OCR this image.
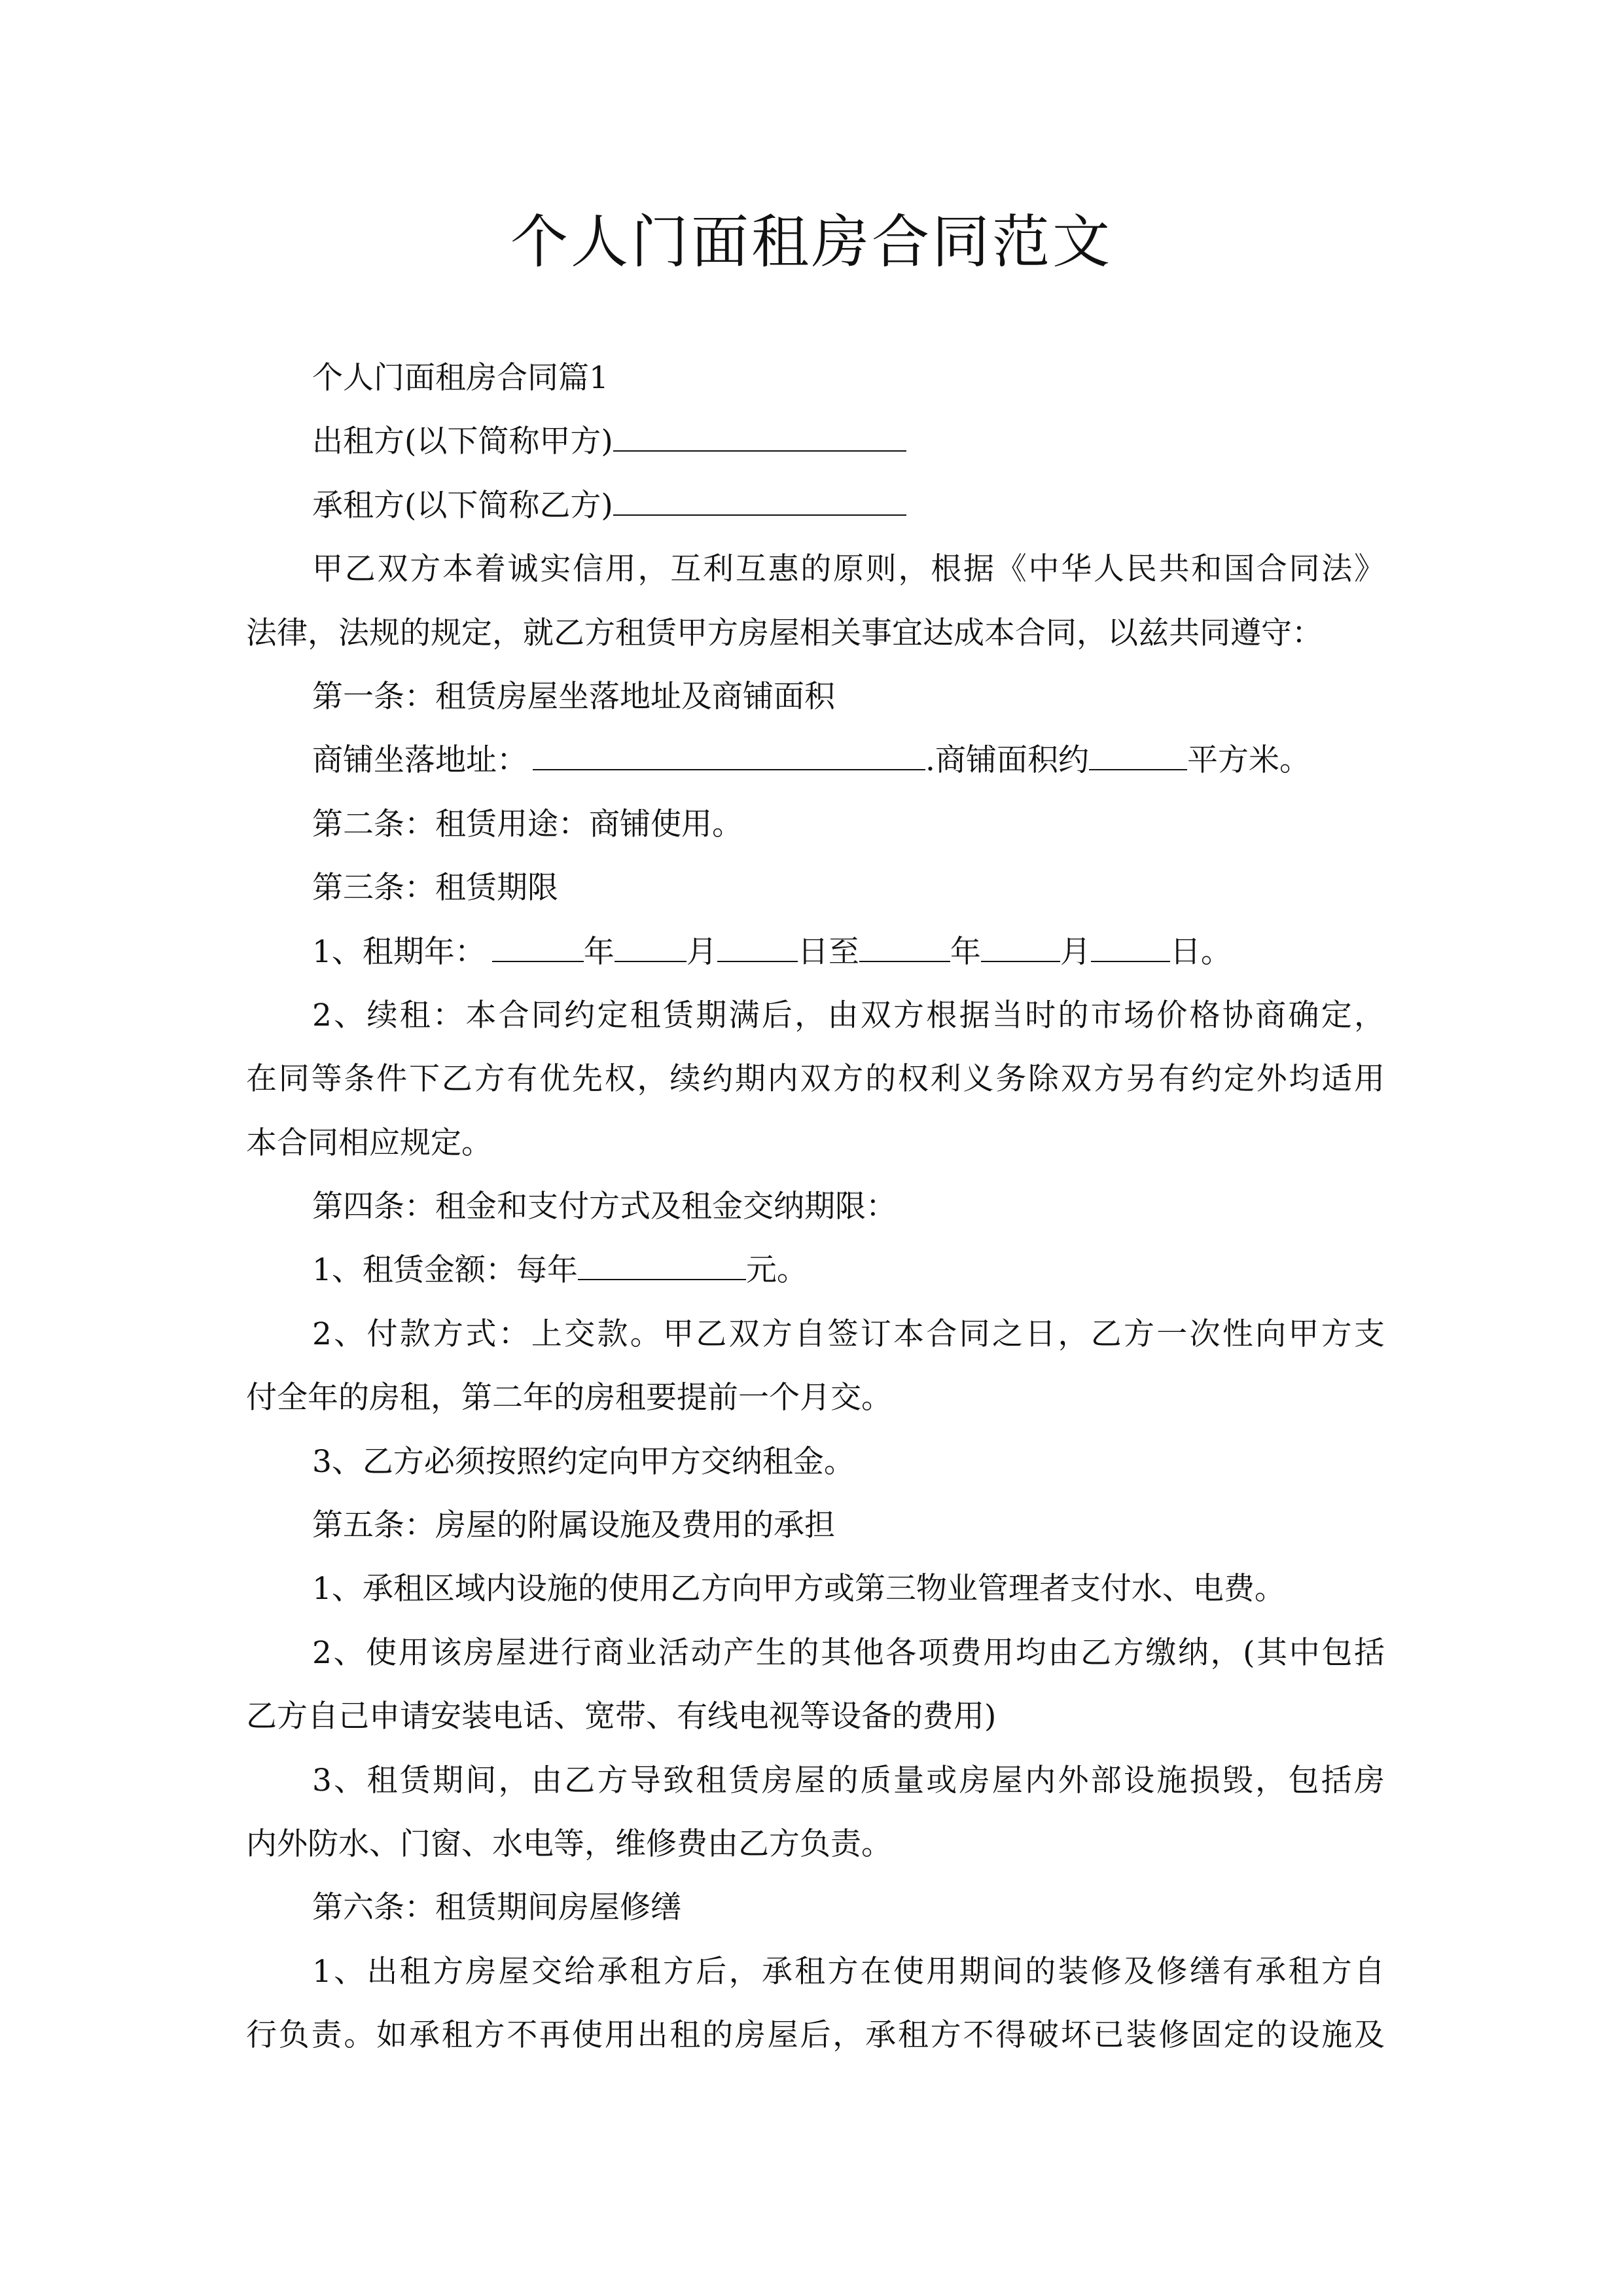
个人门面租房合同范文
个人门面租房合同篇1
出租方(以下简称甲方)
承租方(以下简称乙方)
甲乙双方本着诚实信用，互利互惠的原则，根据《中华人民共和国合同法》
法律，法规的规定，就乙方租赁甲方房屋相关事宜达成本合同，以兹共同遵守：
第一条：租赁房屋坐落地址及商铺面积
商铺坐落地址：	.商铺面积约	平方米。
第二条：租赁用途：商铺使用。
第三条：租赁期限
1、租期年：	年 月	日至	年	月	日。
2、续租：本合同约定租赁期满后，由双方根据当时的市场价格协商确定，
在同等条件下乙方有优先权，续约期内双方的权利义务除双方另有约定外均适用
本合同相应规定。
第四条：租金和支付方式及租金交纳期限：
1、租赁金额：每年	元。
2、付款方式：上交款。甲乙双方自签订本合同之日，乙方一次性向甲方支
付全年的房租，第二年的房租要提前一个月交。
3、乙方必须按照约定向甲方交纳租金。
第五条：房屋的附属设施及费用的承担
1、承租区域内设施的使用乙方向甲方或第三物业管理者支付水、电费。
2、使用该房屋进行商业活动产生的其他各项费用均由乙方缴纳，(其中包括
乙方自己申请安装电话、宽带、有线电视等设备的费用)
3、租赁期间，由乙方导致租赁房屋的质量或房屋内外部设施损毁，包括房
内外防水、门窗、水电等，维修费由乙方负责。
第六条：租赁期间房屋修缮
1、出租方房屋交给承租方后，承租方在使用期间的装修及修缮有承租方自
行负责。如承租方不再使用出租的房屋后，承租方不得破坏已装修固定的设施及
